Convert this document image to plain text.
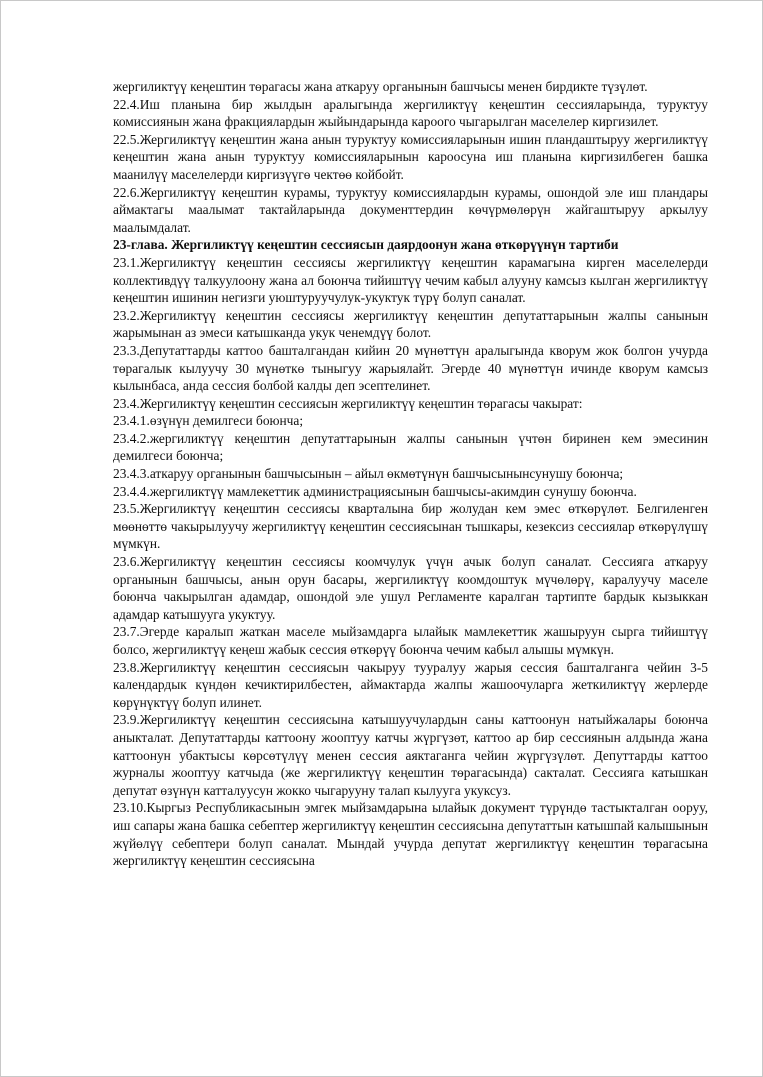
жергиликтүү кеңештин төрагасы жана аткаруу органынын башчысы менен бирдикте түзүлөт.

22.4.Иш планына бир жылдын аралыгында жергиликтүү кеңештин сессияларында, туруктуу комиссиянын жана фракциялардын жыйындарында кароого чыгарылган маселелер киргизилет.

22.5.Жергиликтүү кеңештин жана анын туруктуу комиссияларынын ишин пландаштыруу жергиликтүү кеңештин жана анын туруктуу комиссияларынын кароосуна иш планына киргизилбеген башка маанилүү маселелерди киргизүүгө чектөө койбойт.

22.6.Жергиликтүү кеңештин курамы, туруктуу комиссиялардын курамы, ошондой эле иш пландары аймактагы маалымат тактайларында документтердин көчүрмөлөрүн жайгаштыруу аркылуу маалымдалат.

23-глава. Жергиликтүү кеңештин сессиясын даярдоонун жана өткөрүүнүн тартиби

23.1.Жергиликтүү кеңештин сессиясы жергиликтүү кеңештин карамагына кирген маселелерди коллективдүү талкуулоону жана ал боюнча тийиштүү чечим кабыл алууну камсыз кылган жергиликтүү кеңештин ишинин негизги уюштуруучулук-укуктук түрү болуп саналат.

23.2.Жергиликтүү кеңештин сессиясы жергиликтүү кеңештин депутаттарынын жалпы санынын жарымынан аз эмеси катышканда укук ченемдүү болот.

23.3.Депутаттарды каттоо башталгандан кийин 20 мүнөттүн аралыгында кворум жок болгон учурда төрагалык кылуучу 30 мүнөткө тыныгуу жарыялайт. Эгерде 40 мүнөттүн ичинде кворум камсыз кылынбаса, анда сессия болбой калды деп эсептелинет.

23.4.Жергиликтүү кеңештин сессиясын жергиликтүү кеңештин төрагасы чакырат:

23.4.1.өзүнүн демилгеси боюнча;

23.4.2.жергиликтүү кеңештин депутаттарынын жалпы санынын үчтөн биринен кем эмесинин демилгеси боюнча;

23.4.3.аткаруу органынын башчысынын – айыл өкмөтүнүн башчысынынсунушу боюнча;

23.4.4.жергиликтүү мамлекеттик администрациясынын башчысы-акимдин сунушу боюнча.

23.5.Жергиликтүү кеңештин сессиясы кварталына бир жолудан кем эмес өткөрүлөт. Белгиленген мөөнөттө чакырылуучу жергиликтүү кеңештин сессиясынан тышкары, кезексиз сессиялар өткөрүлүшү мүмкүн.

23.6.Жергиликтүү кеңештин сессиясы коомчулук үчүн ачык болуп саналат. Сессияга аткаруу органынын башчысы, анын орун басары, жергиликтүү коомдоштук мүчөлөрү, каралуучу маселе боюнча чакырылган адамдар, ошондой эле ушул Регламенте каралган тартипте бардык кызыккан адамдар катышууга укуктуу.

23.7.Эгерде каралып жаткан маселе мыйзамдарга ылайык мамлекеттик жашыруун сырга тийиштүү болсо, жергиликтүү кеңеш жабык сессия өткөрүү боюнча чечим кабыл алышы мүмкүн.

23.8.Жергиликтүү кеңештин сессиясын чакыруу тууралуу жарыя сессия башталганга чейин 3-5 календардык күндөн кечиктирилбестен, аймактарда жалпы жашоочуларга жеткиликтүү жерлерде көрүнүктүү болуп илинет.

23.9.Жергиликтүү кеңештин сессиясына катышуучулардын саны каттоонун натыйжалары боюнча аныкталат. Депутаттарды каттоону жооптуу катчы жүргүзөт, каттоо ар бир сессиянын алдында жана каттоонун убактысы көрсөтүлүү менен сессия аяктаганга чейин жүргүзүлөт. Депуттарды каттоо журналы жооптуу катчыда (же жергиликтүү кеңештин төрагасында) сакталат. Сессияга катышкан депутат өзүнүн катталуусун жокко чыгарууну талап кылууга укуксуз.

23.10.Кыргыз Республикасынын эмгек мыйзамдарына ылайык документ түрүндө тастыкталган ооруу, иш сапары жана башка себептер жергиликтүү кеңештин сессиясына депутаттын катышпай калышынын жүйөлүү себептери болуп саналат. Мындай учурда депутат жергиликтүү кеңештин төрагасына жергиликтүү кеңештин сессиясына
